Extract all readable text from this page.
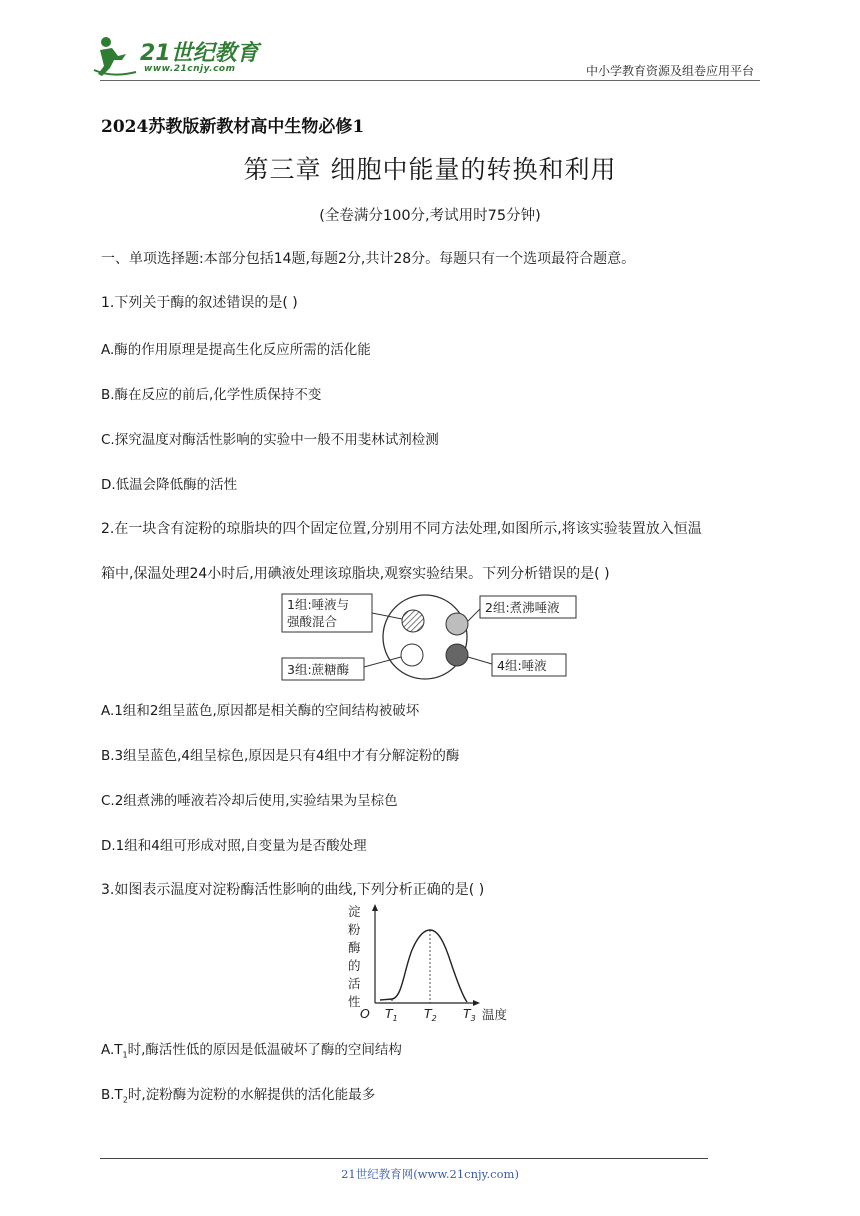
21世纪教育
www.21cnjy.com	中小学教育资源及组卷应用平台
2024苏教版新教材高中生物必修1
第三章 细胞中能量的转换和利用
(全卷满分100分,考试用时75分钟)
一、单项选择题:本部分包括14题,每题2分,共计28分。每题只有一个选项最符合题意。
1.下列关于酶的叙述错误的是( )
A.酶的作用原理是提高生化反应所需的活化能
B.酶在反应的前后,化学性质保持不变
C.探究温度对酶活性影响的实验中一般不用斐林试剂检测
D.低温会降低酶的活性
2.在一块含有淀粉的琼脂块的四个固定位置,分别用不同方法处理,如图所示,将该实验装置放入恒温
箱中,保温处理24小时后,用碘液处理该琼脂块,观察实验结果。下列分析错误的是( )
1组:唾液与
强酸混合
2组:煮沸唾液
3组:蔗糖酶	4组:唾液
A.1组和2组呈蓝色,原因都是相关酶的空间结构被破坏
B.3组呈蓝色,4组呈棕色,原因是只有4组中才有分解淀粉的酶
C.2组煮沸的唾液若冷却后使用,实验结果为呈棕色
D.1组和4组可形成对照,自变量为是否酸处理
3.如图表示温度对淀粉酶活性影响的曲线,下列分析正确的是( )
淀 粉 酶 的 活 性
O $T_1$ $T_2$ $T_3$ 温度
$A.T_1$时,酶活性低的原因是低温破坏了酶的空间结构
$B.T_2$时,淀粉酶为淀粉的水解提供的活化能最多
21世纪教育网(www.21cnjy.com)
